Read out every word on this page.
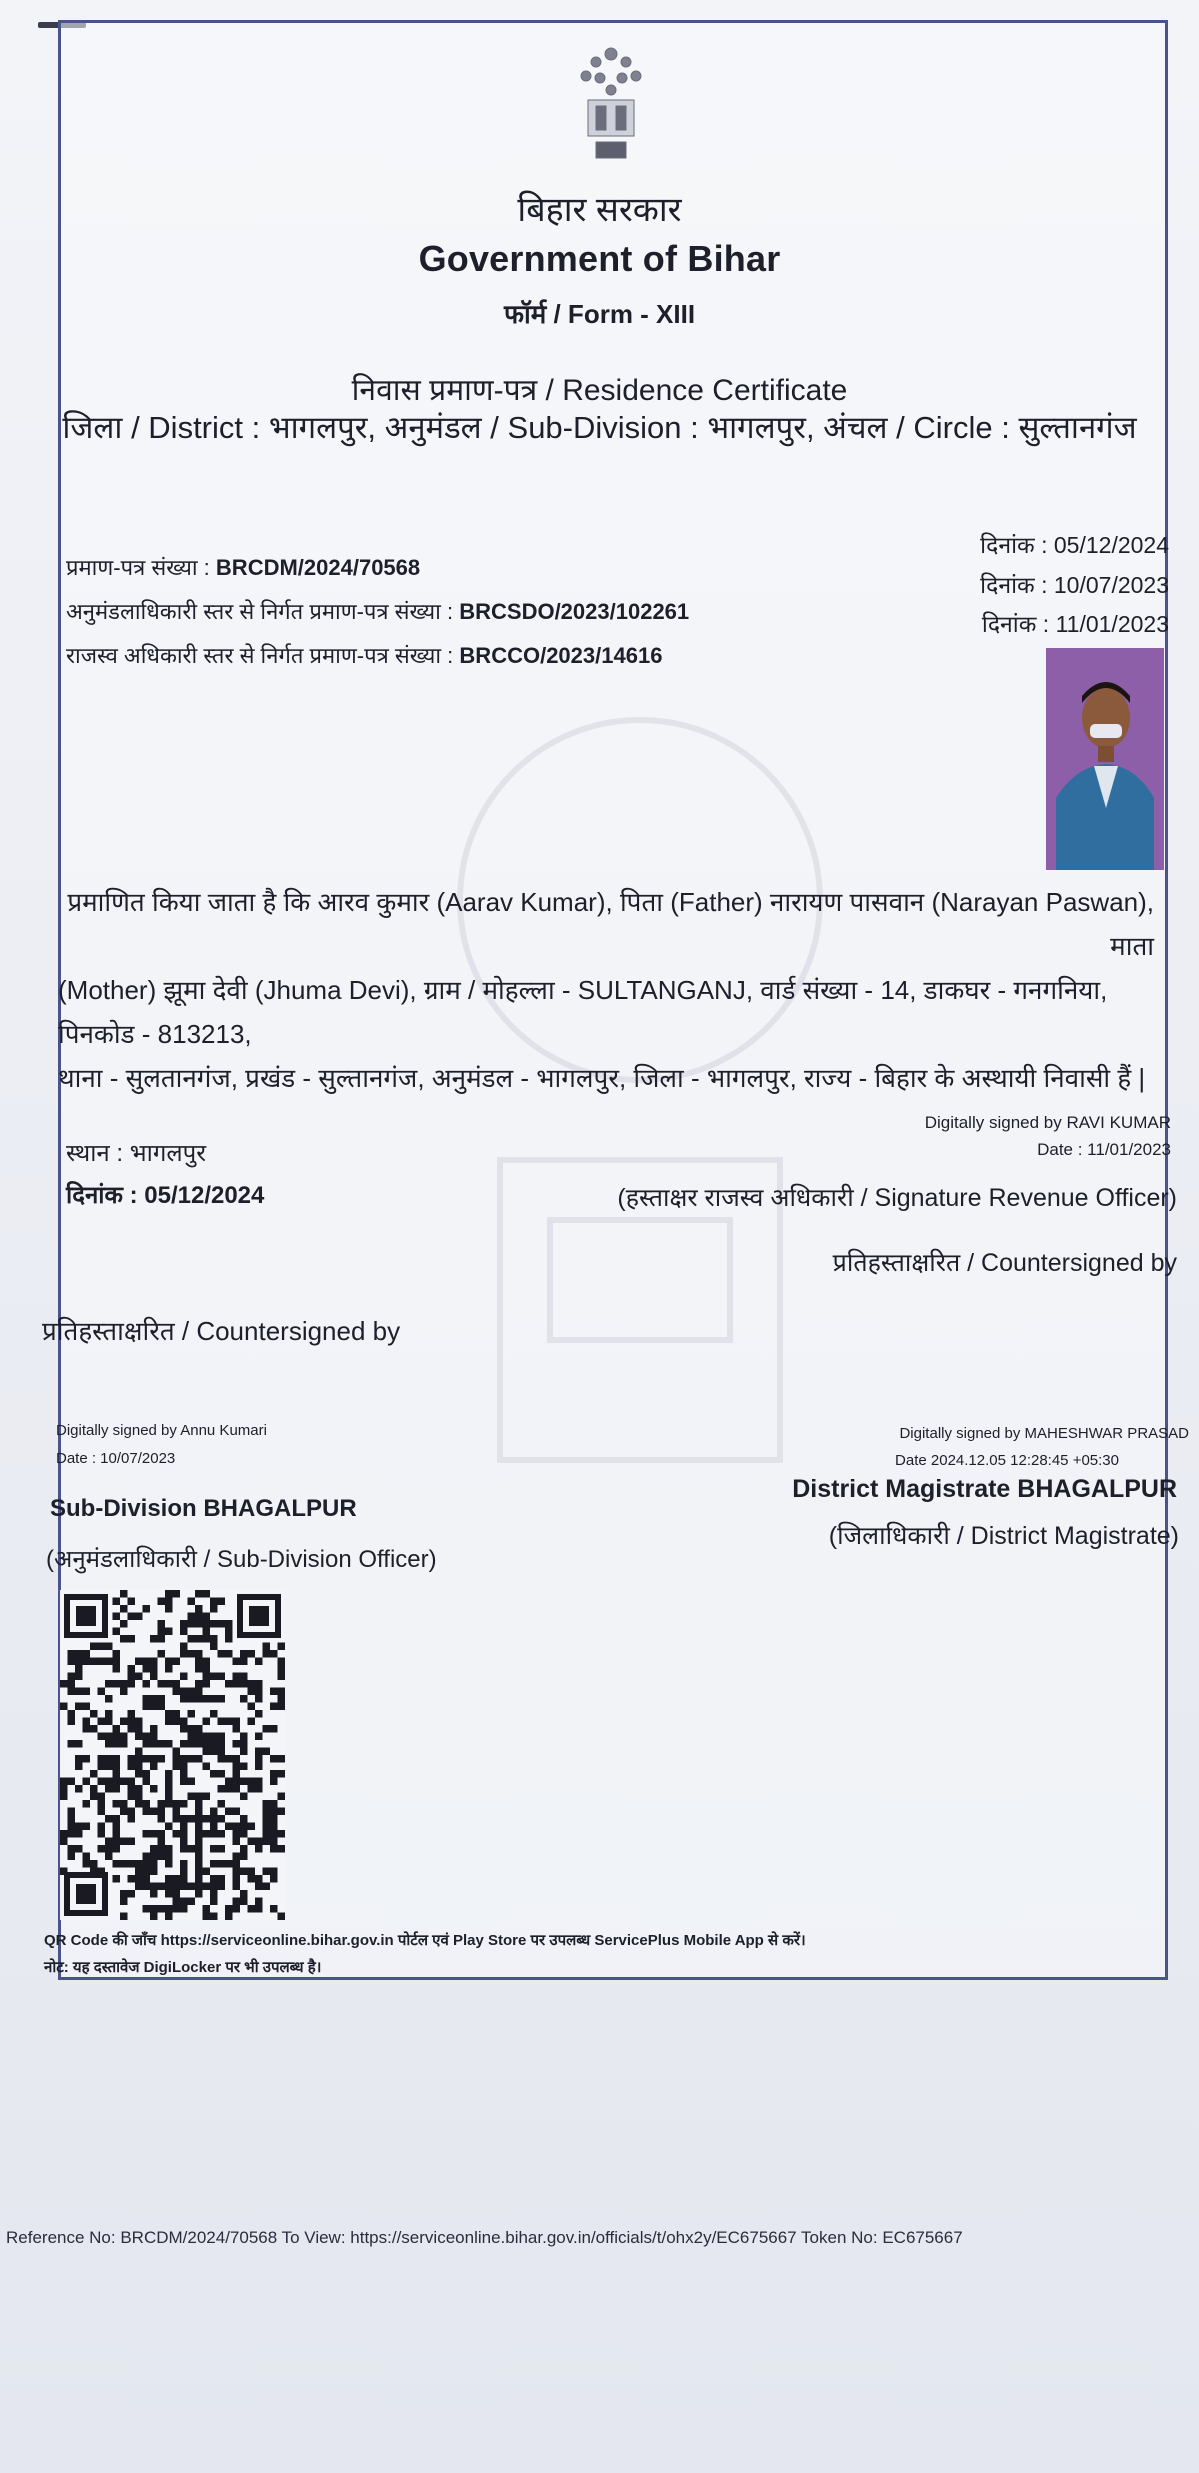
बिहार सरकार
Government of Bihar
फॉर्म / Form - XIII
निवास प्रमाण-पत्र / Residence Certificate
जिला / District : भागलपुर, अनुमंडल / Sub-Division : भागलपुर, अंचल / Circle : सुल्तानगंज
प्रमाण-पत्र संख्या : BRCDM/2024/70568
अनुमंडलाधिकारी स्तर से निर्गत प्रमाण-पत्र संख्या : BRCSDO/2023/102261
राजस्व अधिकारी स्तर से निर्गत प्रमाण-पत्र संख्या : BRCCO/2023/14616
दिनांक : 05/12/2024
दिनांक : 10/07/2023
दिनांक : 11/01/2023

प्रमाणित किया जाता है कि आरव कुमार (Aarav Kumar), पिता (Father) नारायण पासवान (Narayan Paswan), माता

(Mother) झूमा देवी (Jhuma Devi), ग्राम / मोहल्ला - SULTANGANJ, वार्ड संख्या - 14, डाकघर - गनगनिया, पिनकोड - 813213,

थाना - सुलतानगंज, प्रखंड - सुल्तानगंज, अनुमंडल - भागलपुर, जिला - भागलपुर, राज्य - बिहार के अस्थायी निवासी हैं |

स्थान : भागलपुर
दिनांक : 05/12/2024
Digitally signed by RAVI KUMAR
Date : 11/01/2023
(हस्ताक्षर राजस्व अधिकारी / Signature Revenue Officer)
प्रतिहस्ताक्षरित / Countersigned by
प्रतिहस्ताक्षरित / Countersigned by
Digitally signed by Annu Kumari
Date : 10/07/2023
Sub-Division BHAGALPUR
(अनुमंडलाधिकारी / Sub-Division Officer)
Digitally signed by MAHESHWAR PRASAD
Date 2024.12.05 12:28:45 +05:30
District Magistrate BHAGALPUR
(जिलाधिकारी / District Magistrate)
QR Code की जाँच https://serviceonline.bihar.gov.in पोर्टल एवं Play Store पर उपलब्ध ServicePlus Mobile App से करें।
नोट: यह दस्तावेज DigiLocker पर भी उपलब्ध है।
Reference No: BRCDM/2024/70568 To View: https://serviceonline.bihar.gov.in/officials/t/ohx2y/EC675667 Token No: EC675667
